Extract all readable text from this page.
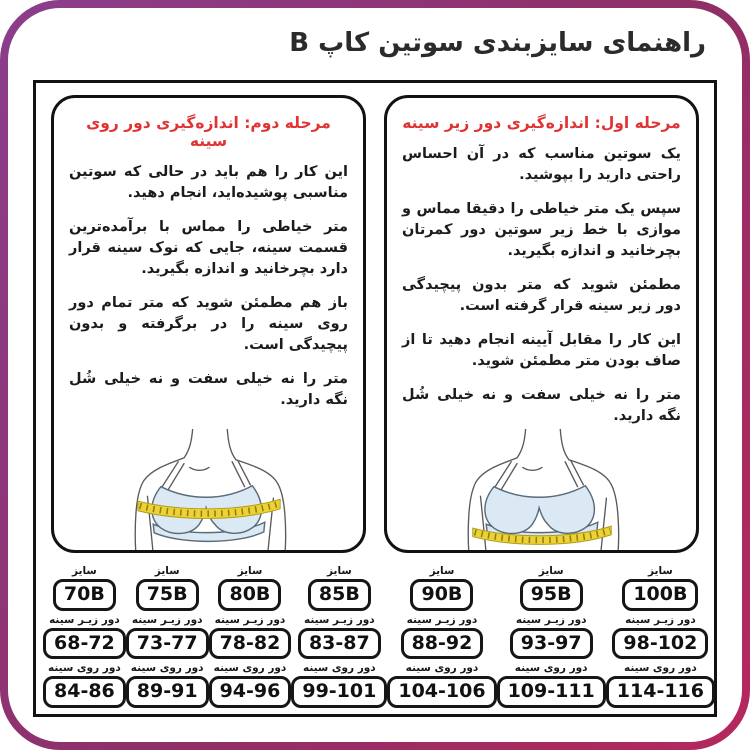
راهنمای سایزبندی سوتین کاپ B
مرحله اول: اندازه‌گیری دور زیر سینه

یک سوتین مناسب که در آن احساس راحتی دارید را بپوشید.

سپس یک متر خیاطی را دقیقا مماس و موازی با خط زیر سوتین دور کمرتان بچرخانید و اندازه بگیرید.

مطمئن شوید که متر بدون پیچیدگی دور زیر سینه قرار گرفته است.

این کار را مقابل آیینه انجام دهید تا از صاف بودن متر مطمئن شوید.

متر را نه خیلی سفت و نه خیلی شُل نگه دارید.

مرحله دوم: اندازه‌گیری دور روی سینه

این کار را هم باید در حالی که سوتین مناسبی پوشیده‌اید، انجام دهید.

متر خیاطی را مماس با برآمده‌ترین قسمت سینه، جایی که نوک سینه قرار دارد بچرخانید و اندازه بگیرید.

باز هم مطمئن شوید که متر تمام دور روی سینه را در برگرفته و بدون پیچیدگی است.

متر را نه خیلی سفت و نه خیلی شُل نگه دارید.

سایز
70B
دور زیـر سینه
68-72
دور روی سینه
84-86
سایز
75B
دور زیـر سینه
73-77
دور روی سینه
89-91
سایز
80B
دور زیـر سینه
78-82
دور روی سینه
94-96
سایز
85B
دور زیـر سینه
83-87
دور روی سینه
99-101
سایز
90B
دور زیـر سینه
88-92
دور روی سینه
104-106
سایز
95B
دور زیـر سینه
93-97
دور روی سینه
109-111
سایز
100B
دور زیـر سینه
98-102
دور روی سینه
114-116
